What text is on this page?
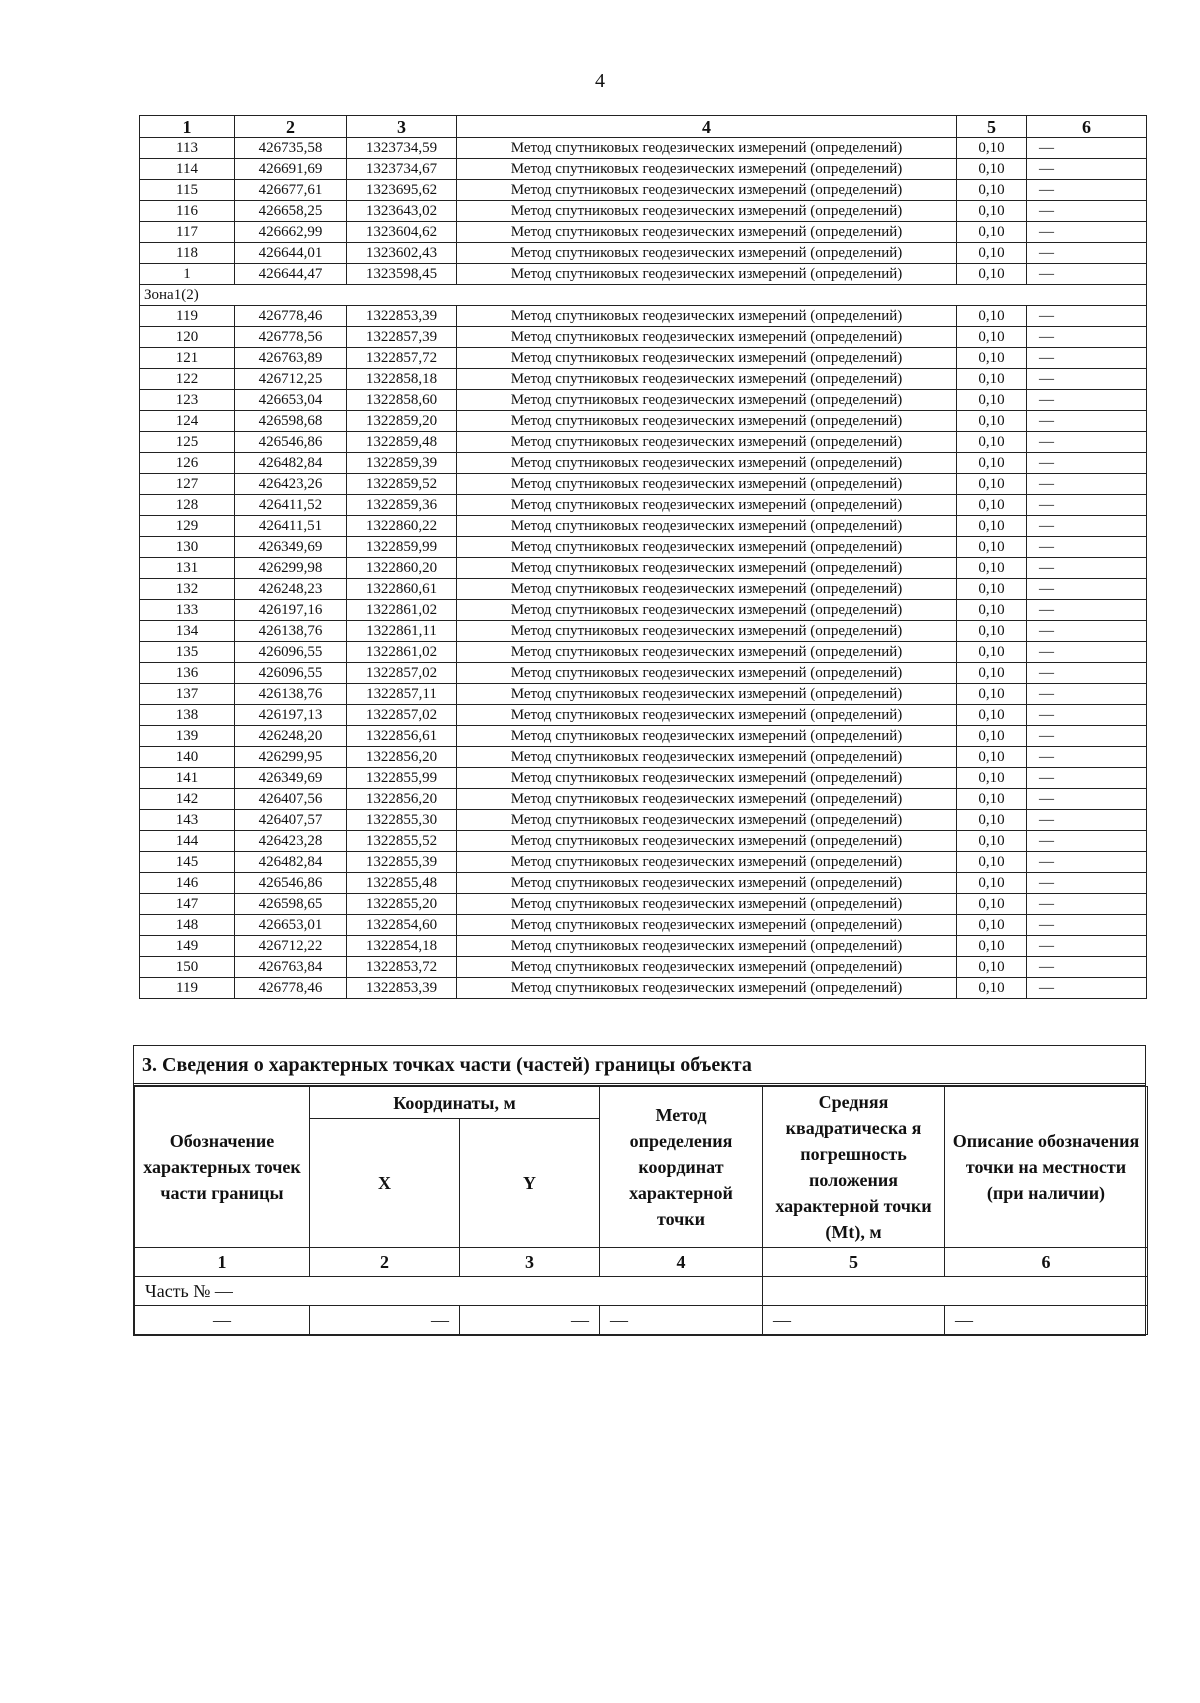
4
1	2	3	4	5	6
113	426735,58	1323734,59	Метод спутниковых геодезических измерений (определений)	0,10	—
114	426691,69	1323734,67	Метод спутниковых геодезических измерений (определений)	0,10	—
115	426677,61	1323695,62	Метод спутниковых геодезических измерений (определений)	0,10	—
116	426658,25	1323643,02	Метод спутниковых геодезических измерений (определений)	0,10	—
117	426662,99	1323604,62	Метод спутниковых геодезических измерений (определений)	0,10	—
118	426644,01	1323602,43	Метод спутниковых геодезических измерений (определений)	0,10	—
1	426644,47	1323598,45	Метод спутниковых геодезических измерений (определений)	0,10	—
Зона1(2)					
119	426778,46	1322853,39	Метод спутниковых геодезических измерений (определений)	0,10	—
120	426778,56	1322857,39	Метод спутниковых геодезических измерений (определений)	0,10	—
121	426763,89	1322857,72	Метод спутниковых геодезических измерений (определений)	0,10	—
122	426712,25	1322858,18	Метод спутниковых геодезических измерений (определений)	0,10	—
123	426653,04	1322858,60	Метод спутниковых геодезических измерений (определений)	0,10	—
124	426598,68	1322859,20	Метод спутниковых геодезических измерений (определений)	0,10	—
125	426546,86	1322859,48	Метод спутниковых геодезических измерений (определений)	0,10	—
126	426482,84	1322859,39	Метод спутниковых геодезических измерений (определений)	0,10	—
127	426423,26	1322859,52	Метод спутниковых геодезических измерений (определений)	0,10	—
128	426411,52	1322859,36	Метод спутниковых геодезических измерений (определений)	0,10	—
129	426411,51	1322860,22	Метод спутниковых геодезических измерений (определений)	0,10	—
130	426349,69	1322859,99	Метод спутниковых геодезических измерений (определений)	0,10	—
131	426299,98	1322860,20	Метод спутниковых геодезических измерений (определений)	0,10	—
132	426248,23	1322860,61	Метод спутниковых геодезических измерений (определений)	0,10	—
133	426197,16	1322861,02	Метод спутниковых геодезических измерений (определений)	0,10	—
134	426138,76	1322861,11	Метод спутниковых геодезических измерений (определений)	0,10	—
135	426096,55	1322861,02	Метод спутниковых геодезических измерений (определений)	0,10	—
136	426096,55	1322857,02	Метод спутниковых геодезических измерений (определений)	0,10	—
137	426138,76	1322857,11	Метод спутниковых геодезических измерений (определений)	0,10	—
138	426197,13	1322857,02	Метод спутниковых геодезических измерений (определений)	0,10	—
139	426248,20	1322856,61	Метод спутниковых геодезических измерений (определений)	0,10	—
140	426299,95	1322856,20	Метод спутниковых геодезических измерений (определений)	0,10	—
141	426349,69	1322855,99	Метод спутниковых геодезических измерений (определений)	0,10	—
142	426407,56	1322856,20	Метод спутниковых геодезических измерений (определений)	0,10	—
143	426407,57	1322855,30	Метод спутниковых геодезических измерений (определений)	0,10	—
144	426423,28	1322855,52	Метод спутниковых геодезических измерений (определений)	0,10	—
145	426482,84	1322855,39	Метод спутниковых геодезических измерений (определений)	0,10	—
146	426546,86	1322855,48	Метод спутниковых геодезических измерений (определений)	0,10	—
147	426598,65	1322855,20	Метод спутниковых геодезических измерений (определений)	0,10	—
148	426653,01	1322854,60	Метод спутниковых геодезических измерений (определений)	0,10	—
149	426712,22	1322854,18	Метод спутниковых геодезических измерений (определений)	0,10	—
150	426763,84	1322853,72	Метод спутниковых геодезических измерений (определений)	0,10	—
119	426778,46	1322853,39	Метод спутниковых геодезических измерений (определений)	0,10	—
3. Сведения о характерных точках части (частей) границы объекта
Обозначение характерных точек части границы	Координаты, м		Метод определения координат характерной точки	Средняя квадратическа я погрешность положения характерной точки (Mt), м	Описание обозначения точки на местности (при наличии)
	X	Y			
1	2	3	4	5	6
Часть № —					
—	—	—	—	—	—
